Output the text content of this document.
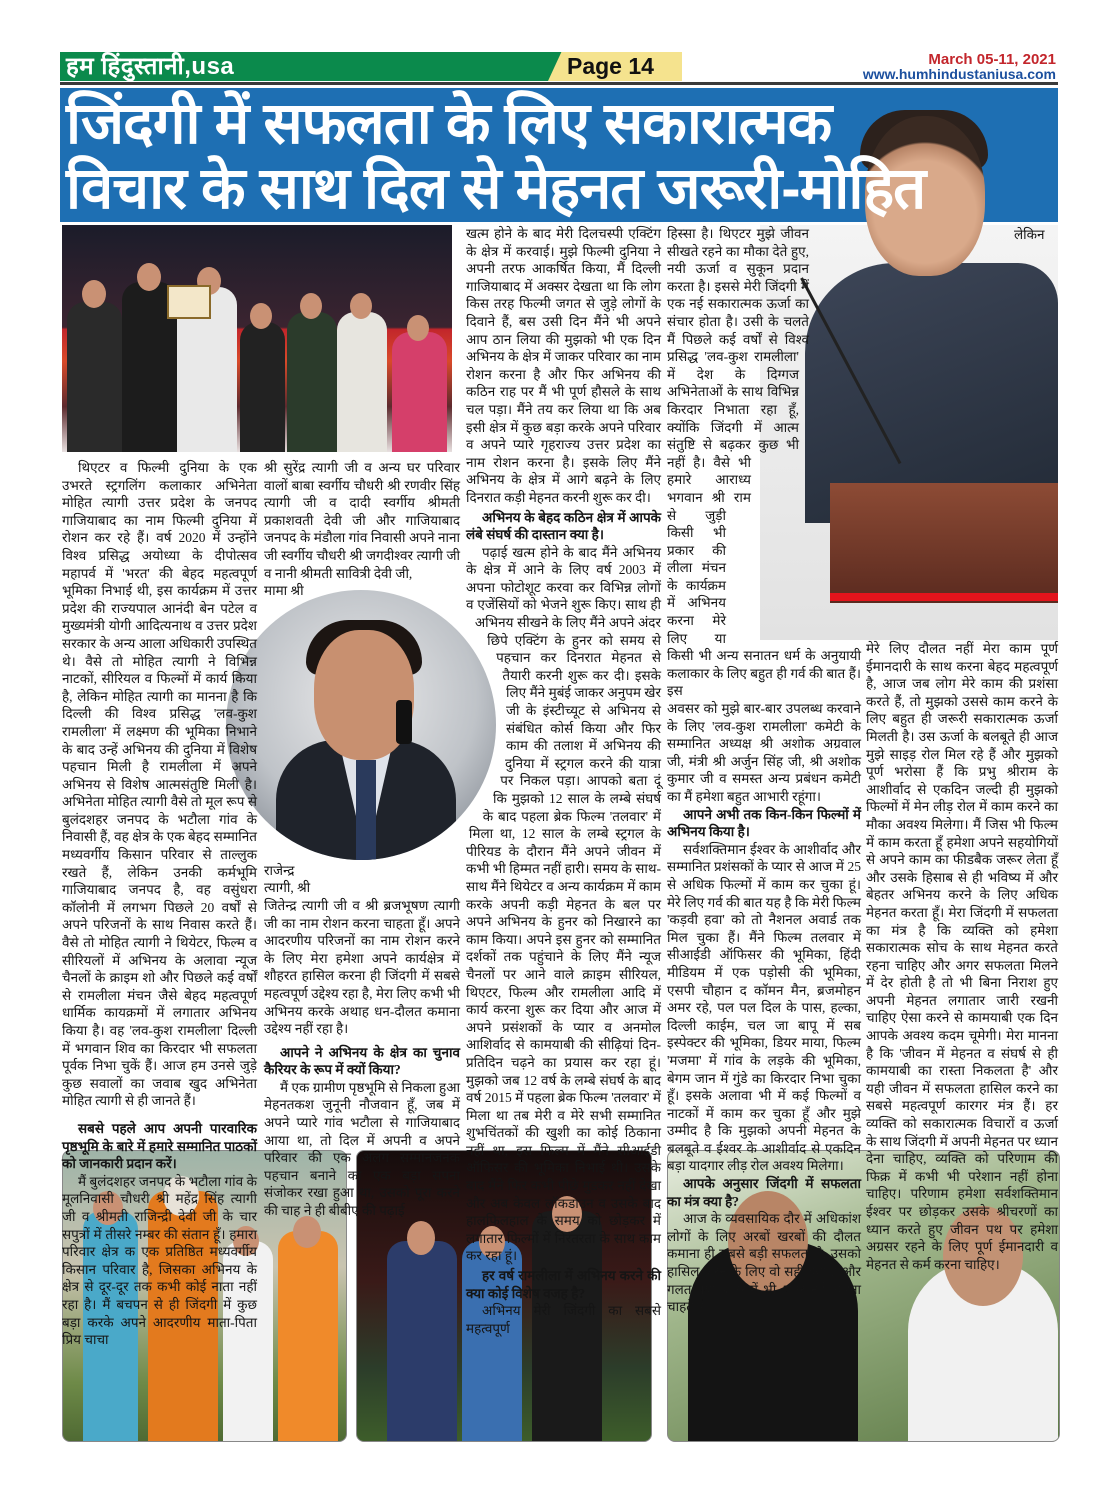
हम हिंदुस्तानी,usa	Page 14	March 05-11, 2021
www.humhindustaniusa.com
जिंदगी में सफलता के लिए सकारात्मक
विचार के साथ दिल से मेहनत जरूरी-मोहित
लेकिन

थिएटर व फिल्मी दुनिया के एक उभरते स्ट्रगलिंग कलाकार अभिनेता मोहित त्यागी उत्तर प्रदेश के जनपद गाजियाबाद का नाम फिल्मी दुनिया में रोशन कर रहे हैं। वर्ष 2020 में उन्होंने विश्व प्रसिद्ध अयोध्या के दीपोत्सव महापर्व में 'भरत' की बेहद महत्वपूर्ण भूमिका निभाई थी, इस कार्यक्रम में उत्तर प्रदेश की राज्यपाल आनंदी बेन पटेल व मुख्यमंत्री योगी आदित्यनाथ व उत्तर प्रदेश सरकार के अन्य आला अधिकारी उपस्थित थे। वैसे तो मोहित त्यागी ने विभिन्न नाटकों, सीरियल व फिल्मों में कार्य किया है, लेकिन मोहित त्यागी का मानना है कि दिल्ली की विश्व प्रसिद्ध 'लव-कुश रामलीला' में लक्ष्मण की भूमिका निभाने के बाद उन्हें अभिनय की दुनिया में विशेष पहचान मिली है रामलीला में अपने अभिनय से विशेष आत्मसंतुष्टि मिली है। अभिनेता मोहित त्यागी वैसे तो मूल रूप से बुलंदशहर जनपद के भटौला गांव के निवासी हैं, वह क्षेत्र के एक बेहद सम्मानित मध्यवर्गीय किसान परिवार से ताल्लुक रखते हैं, लेकिन उनकी कर्मभूमि गाजियाबाद जनपद है, वह वसुंधरा कॉलोनी में लगभग पिछले 20 वर्षों से अपने परिजनों के साथ निवास करते हैं। वैसे तो मोहित त्यागी ने थियेटर, फिल्म व सीरियलों में अभिनय के अलावा न्यूज चैनलों के क्राइम शो और पिछले कई वर्षों से रामलीला मंचन जैसे बेहद महत्वपूर्ण धार्मिक कायक्रमों में लगातार अभिनय किया है। वह 'लव-कुश रामलीला' दिल्ली में भगवान शिव का किरदार भी सफलता पूर्वक निभा चुकें हैं। आज हम उनसे जुड़े कुछ सवालों का जवाब खुद अभिनेता मोहित त्यागी से ही जानते हैं।

सबसे पहले आप अपनी पारवारिक पृष्ठभूमि के बारे में हमारे सम्मानित पाठकों को जानकारी प्रदान करें।

मैं बुलंदशहर जनपद के भटौला गांव के मूलनिवासी चौधरी श्री महेंद्र सिंह त्यागी जी व श्रीमती राजिन्द्री देवी जी के चार सपुत्रों में तीसरे नम्बर की संतान हूँ। हमारा परिवार क्षेत्र क एक प्रतिष्ठित मध्यवर्गीय किसान परिवार है, जिसका अभिनय के क्षेत्र से दूर-दूर तक कभी कोई नाता नहीं रहा है। मैं बचपन से ही जिंदगी में कुछ बड़ा करके अपने आदरणीय माता-पिता प्रिय चाचा

श्री सुरेंद्र त्यागी जी व अन्य घर परिवार वालों बाबा स्वर्गीय चौधरी श्री रणवीर सिंह त्यागी जी व दादी स्वर्गीय श्रीमती प्रकाशवती देवी जी और गाजियाबाद जनपद के मंडौला गांव निवासी अपने नाना जी स्वर्गीय चौधरी श्री जगदीश्वर त्यागी जी व नानी श्रीमती सावित्री देवी जी,

मामा श्री
राजेन्द्र
त्यागी, श्री

जितेन्द्र त्यागी जी व श्री ब्रजभूषण त्यागी जी का नाम रोशन करना चाहता हूँ। अपने आदरणीय परिजनों का नाम रोशन करने के लिए मेरा हमेशा अपने कार्यक्षेत्र में शौहरत हासिल करना ही जिंदगी में सबसे महत्वपूर्ण उद्देश्य रहा है, मेरा लिए कभी भी अभिनय करके अथाह धन-दौलत कमाना उद्देश्य नहीं रहा है।

आपने ने अभिनय के क्षेत्र का चुनाव कैरियर के रूप में क्यों किया?

मैं एक ग्रामीण पृष्ठभूमि से निकला हुआ मेहनतकश जुनूनी नौजवान हूँ, जब में अपने प्यारे गांव भटौला से गाजियाबाद आया था, तो दिल में अपनी व अपने परिवार की एक अलग सम्मानजनक पहचान बनाने का एक बड़ा सपना संजोकर रखा हुआ था, उसको पूरा करने की चाह ने ही बीबीए की पढ़ाई

खत्म होने के बाद मेरी दिलचस्पी एक्टिंग के क्षेत्र में करवाई। मुझे फिल्मी दुनिया ने अपनी तरफ आकर्षित किया, मैं दिल्ली गाजियाबाद में अक्सर देखता था कि लोग किस तरह फिल्मी जगत से जुड़े लोगों के दिवाने हैं, बस उसी दिन मैंने भी अपने आप ठान लिया की मुझको भी एक दिन अभिनय के क्षेत्र में जाकर परिवार का नाम रोशन करना है और फिर अभिनय की कठिन राह पर मैं भी पूर्ण हौसले के साथ चल पड़ा। मैंने तय कर लिया था कि अब इसी क्षेत्र में कुछ बड़ा करके अपने परिवार व अपने प्यारे गृहराज्य उत्तर प्रदेश का नाम रोशन करना है। इसके लिए मैंने अभिनय के क्षेत्र में आगे बढ़ने के लिए दिनरात कड़ी मेहनत करनी शुरू कर दी।

अभिनय के बेहद कठिन क्षेत्र में आपके लंबे संघर्ष की दास्तान क्या है।

पढ़ाई खत्म होने के बाद मैंने अभिनय के क्षेत्र में आने के लिए वर्ष 2003 में अपना फोटोशूट करवा कर विभिन्न लोगों व एजेंसियों को भेजने शुरू किए। साथ ही अभिनय सीखने के लिए मैंने अपने अंदर छिपे एक्टिंग के हुनर को समय से पहचान कर दिनरात मेहनत से तैयारी करनी शुरू कर दी। इसके लिए मैंने मुबंई जाकर अनुपम खेर जी के इंस्टीच्यूट से अभिनय से संबंधित कोर्स किया और फिर काम की तलाश में अभिनय की दुनिया में स्ट्रगल करने की यात्रा पर निकल पड़ा। आपको बता दूं कि मुझको 12 साल के लम्बे संघर्ष के बाद पहला ब्रेक फिल्म 'तलवार' में मिला था, 12 साल के लम्बे स्ट्रगल के पीरियड के दौरान मैंने अपने जीवन में कभी भी हिम्मत नहीं हारी। समय के साथ-साथ मैंने थियेटर व अन्य कार्यक्रम में काम करके अपनी कड़ी मेहनत के बल पर अपने अभिनय के हुनर को निखारने का काम किया। अपने इस हुनर को सम्मानित दर्शकों तक पहुंचाने के लिए मैंने न्यूज चैनलों पर आने वाले क्राइम सीरियल, थिएटर, फिल्म और रामलीला आदि में कार्य करना शुरू कर दिया और आज में अपने प्रसंशकों के प्यार व अनमोल आशिर्वाद से कामयाबी की सीढ़ियां दिन-प्रतिदिन चढ़ने का प्रयास कर रहा हूं। मुझको जब 12 वर्ष के लम्बे संघर्ष के बाद वर्ष 2015 में पहला ब्रेक फिल्म 'तलवार' में मिला था तब मेरी व मेरे सभी सम्मानित शुभचिंतकों की खुशी का कोई ठिकाना नहीं था, इस फिल्म में मैंने सीआईडी ऑफिसर की भूमिका निभाई थी। उसके बाद मैंने फिर कभी पीछे मुडकर नहीं देखा और अब केवल लॉकडाउन व उसके बाद हालफिलहाल के समय को छोड़कर में लगातार फिल्मों में निरंतरता के साथ काम कर रहा हूं।

हर वर्ष रामलीला में अभिनय करने की क्या कोई विशेष वजह है?

अभिनय मेरी जिंदगी का सबसे महत्वपूर्ण

हिस्सा है। थिएटर मुझे जीवन सीखते रहने का मौका देते हुए, नयी ऊर्जा व सुकून प्रदान करता है। इससे मेरी जिंदगी में एक नई सकारात्मक ऊर्जा का संचार होता है। उसी के चलते मैं पिछले कई वर्षों से विश्व प्रसिद्ध 'लव-कुश रामलीला' में देश के दिग्गज अभिनेताओं के साथ विभिन्न किरदार निभाता रहा हूँ, क्योंकि जिंदगी में आत्म संतुष्टि से बढ़कर कुछ भी नहीं है। वैसे भी हमारे आराध्य भगवान श्री राम से जुड़ी किसी भी प्रकार की लीला मंचन के कार्यक्रम में अभिनय करना मेरे लिए या किसी भी अन्य सनातन धर्म के अनुयायी कलाकार के लिए बहुत ही गर्व की बात हैं। इस

अवसर को मुझे बार-बार उपलब्ध करवाने के लिए 'लव-कुश रामलीला' कमेटी के सम्मानित अध्यक्ष श्री अशोक अग्रवाल जी, मंत्री श्री अर्जुन सिंह जी, श्री अशोक कुमार जी व समस्त अन्य प्रबंधन कमेटी का मैं हमेशा बहुत आभारी रहूंगा।

आपने अभी तक किन-किन फिल्मों में अभिनय किया है।

सर्वशक्तिमान ईश्वर के आशीर्वाद और सम्मानित प्रशंसकों के प्यार से आज में 25 से अधिक फिल्मों में काम कर चुका हूं। मेरे लिए गर्व की बात यह है कि मेरी फिल्म 'कड़वी हवा' को तो नैशनल अवार्ड तक मिल चुका हैं। मैंने फिल्म तलवार में सीआईडी ऑफिसर की भूमिका, हिंदी मीडियम में एक पड़ोसी की भूमिका, एसपी चौहान द कॉमन मैन, ब्रजमोहन अमर रहे, पल पल दिल के पास, हल्का, दिल्ली काईम, चल जा बापू में सब इस्पेक्टर की भूमिका, डियर माया, फिल्म 'मजमा' में गांव के लड़के की भूमिका, बेगम जान में गुंडे का किरदार निभा चुका हूँ। इसके अलावा भी में कई फिल्मों व नाटकों में काम कर चुका हूँ और मुझे उम्मीद है कि मुझको अपनी मेहनत के बलबूते व ईश्वर के आशीर्वाद से एकदिन बड़ा यादगार लीड़ रोल अवश्य मिलेगा।

आपके अनुसार जिंदगी में सफलता का मंत्र क्या है?

आज के व्यवसायिक दौर में अधिकांश लोगों के लिए अरबों खरबों की दौलत कमाना ही सबसे बड़ी सफलता है, उसको हासिल करने के लिए वो सही क्या है और गलत क्या है उसमें भी अंतर नहीं करना चाहते हैं,

मेरे लिए दौलत नहीं मेरा काम पूर्ण ईमानदारी के साथ करना बेहद महत्वपूर्ण है, आज जब लोग मेरे काम की प्रशंसा करते हैं, तो मुझको उससे काम करने के लिए बहुत ही जरूरी सकारात्मक ऊर्जा मिलती है। उस ऊर्जा के बलबूते ही आज मुझे साइड़ रोल मिल रहे हैं और मुझको पूर्ण भरोसा हैं कि प्रभु श्रीराम के आशीर्वाद से एकदिन जल्दी ही मुझको फिल्मों में मेन लीड़ रोल में काम करने का मौका अवश्य मिलेगा। मैं जिस भी फिल्म में काम करता हूँ हमेशा अपने सहयोगियों से अपने काम का फीडबैक जरूर लेता हूँ और उसके हिसाब से ही भविष्य में और बेहतर अभिनय करने के लिए अधिक मेहनत करता हूँ। मेरा जिंदगी में सफलता का मंत्र है कि व्यक्ति को हमेशा सकारात्मक सोच के साथ मेहनत करते रहना चाहिए और अगर सफलता मिलने में देर होती है तो भी बिना निराश हुए अपनी मेहनत लगातार जारी रखनी चाहिए ऐसा करने से कामयाबी एक दिन आपके अवश्य कदम चूमेगी। मेरा मानना है कि 'जीवन में मेहनत व संघर्ष से ही कामयाबी का रास्ता निकलता है' और यही जीवन में सफलता हासिल करने का सबसे महत्वपूर्ण कारगर मंत्र हैं। हर व्यक्ति को सकारात्मक विचारों व ऊर्जा के साथ जिंदगी में अपनी मेहनत पर ध्यान देना चाहिए, व्यक्ति को परिणाम की फिक्र में कभी भी परेशान नहीं होना चाहिए। परिणाम हमेशा सर्वशक्तिमान ईश्वर पर छोड़कर उसके श्रीचरणों का ध्यान करते हुए जीवन पथ पर हमेशा अग्रसर रहने के लिए पूर्ण ईमानदारी व मेहनत से कर्म करना चाहिए।
